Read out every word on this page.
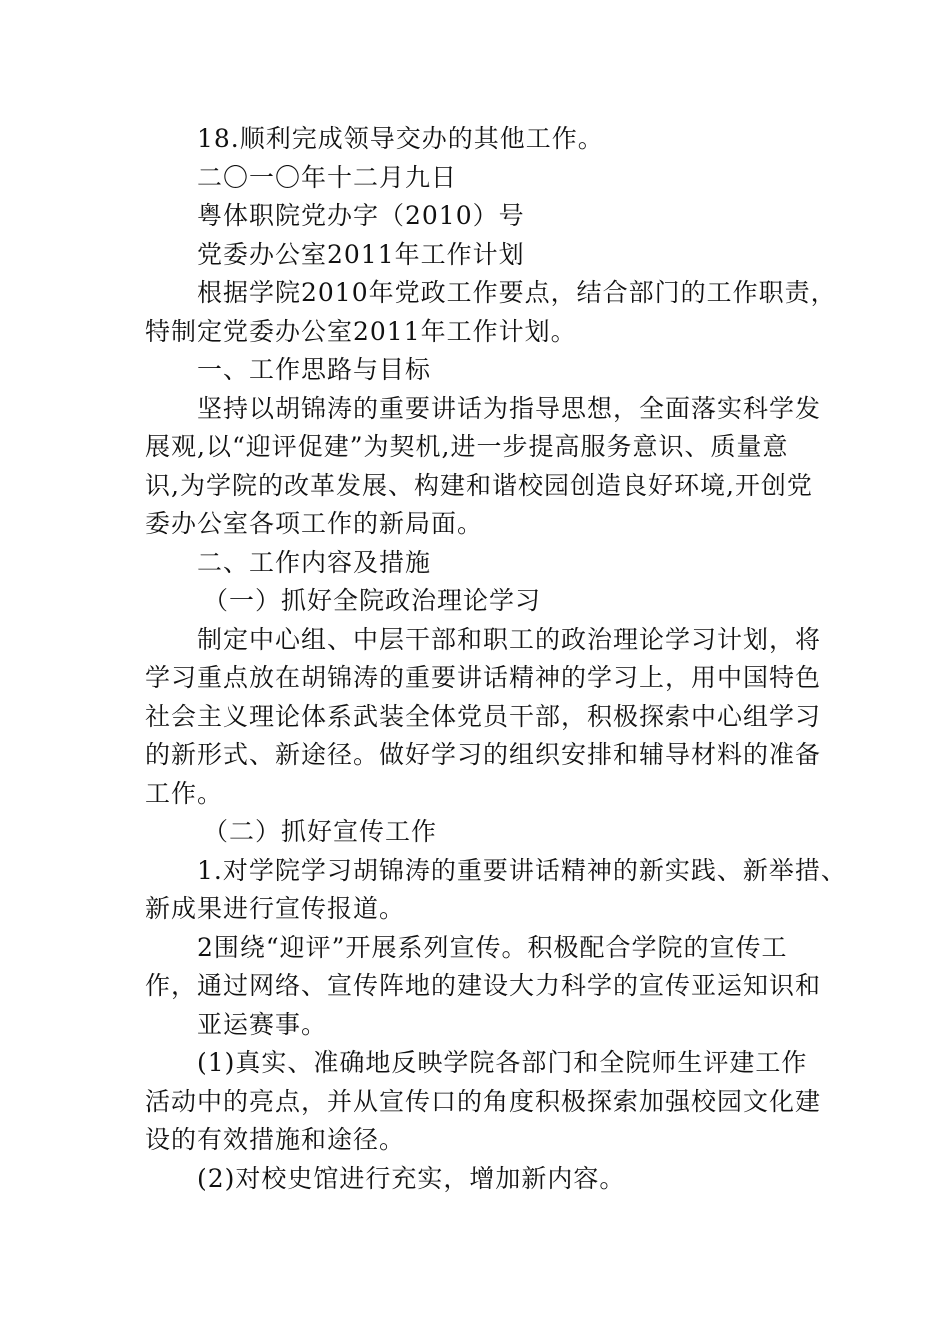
18.顺利完成领导交办的其他工作。

二〇一〇年十二月九日

粤体职院党办字（2010）号

党委办公室2011年工作计划

根据学院2010年党政工作要点，结合部门的工作职责，

特制定党委办公室2011年工作计划。

一、工作思路与目标

坚持以胡锦涛的重要讲话为指导思想，全面落实科学发

展观,以“迎评促建”为契机,进一步提高服务意识、质量意

识,为学院的改革发展、构建和谐校园创造良好环境,开创党

委办公室各项工作的新局面。

二、工作内容及措施

（一）抓好全院政治理论学习

制定中心组、中层干部和职工的政治理论学习计划，将

学习重点放在胡锦涛的重要讲话精神的学习上，用中国特色

社会主义理论体系武装全体党员干部，积极探索中心组学习

的新形式、新途径。做好学习的组织安排和辅导材料的准备

工作。

（二）抓好宣传工作

1.对学院学习胡锦涛的重要讲话精神的新实践、新举措、

新成果进行宣传报道。

2围绕“迎评”开展系列宣传。积极配合学院的宣传工

作，通过网络、宣传阵地的建设大力科学的宣传亚运知识和

亚运赛事。

(1)真实、准确地反映学院各部门和全院师生评建工作

活动中的亮点，并从宣传口的角度积极探索加强校园文化建

设的有效措施和途径。

(2)对校史馆进行充实，增加新内容。
